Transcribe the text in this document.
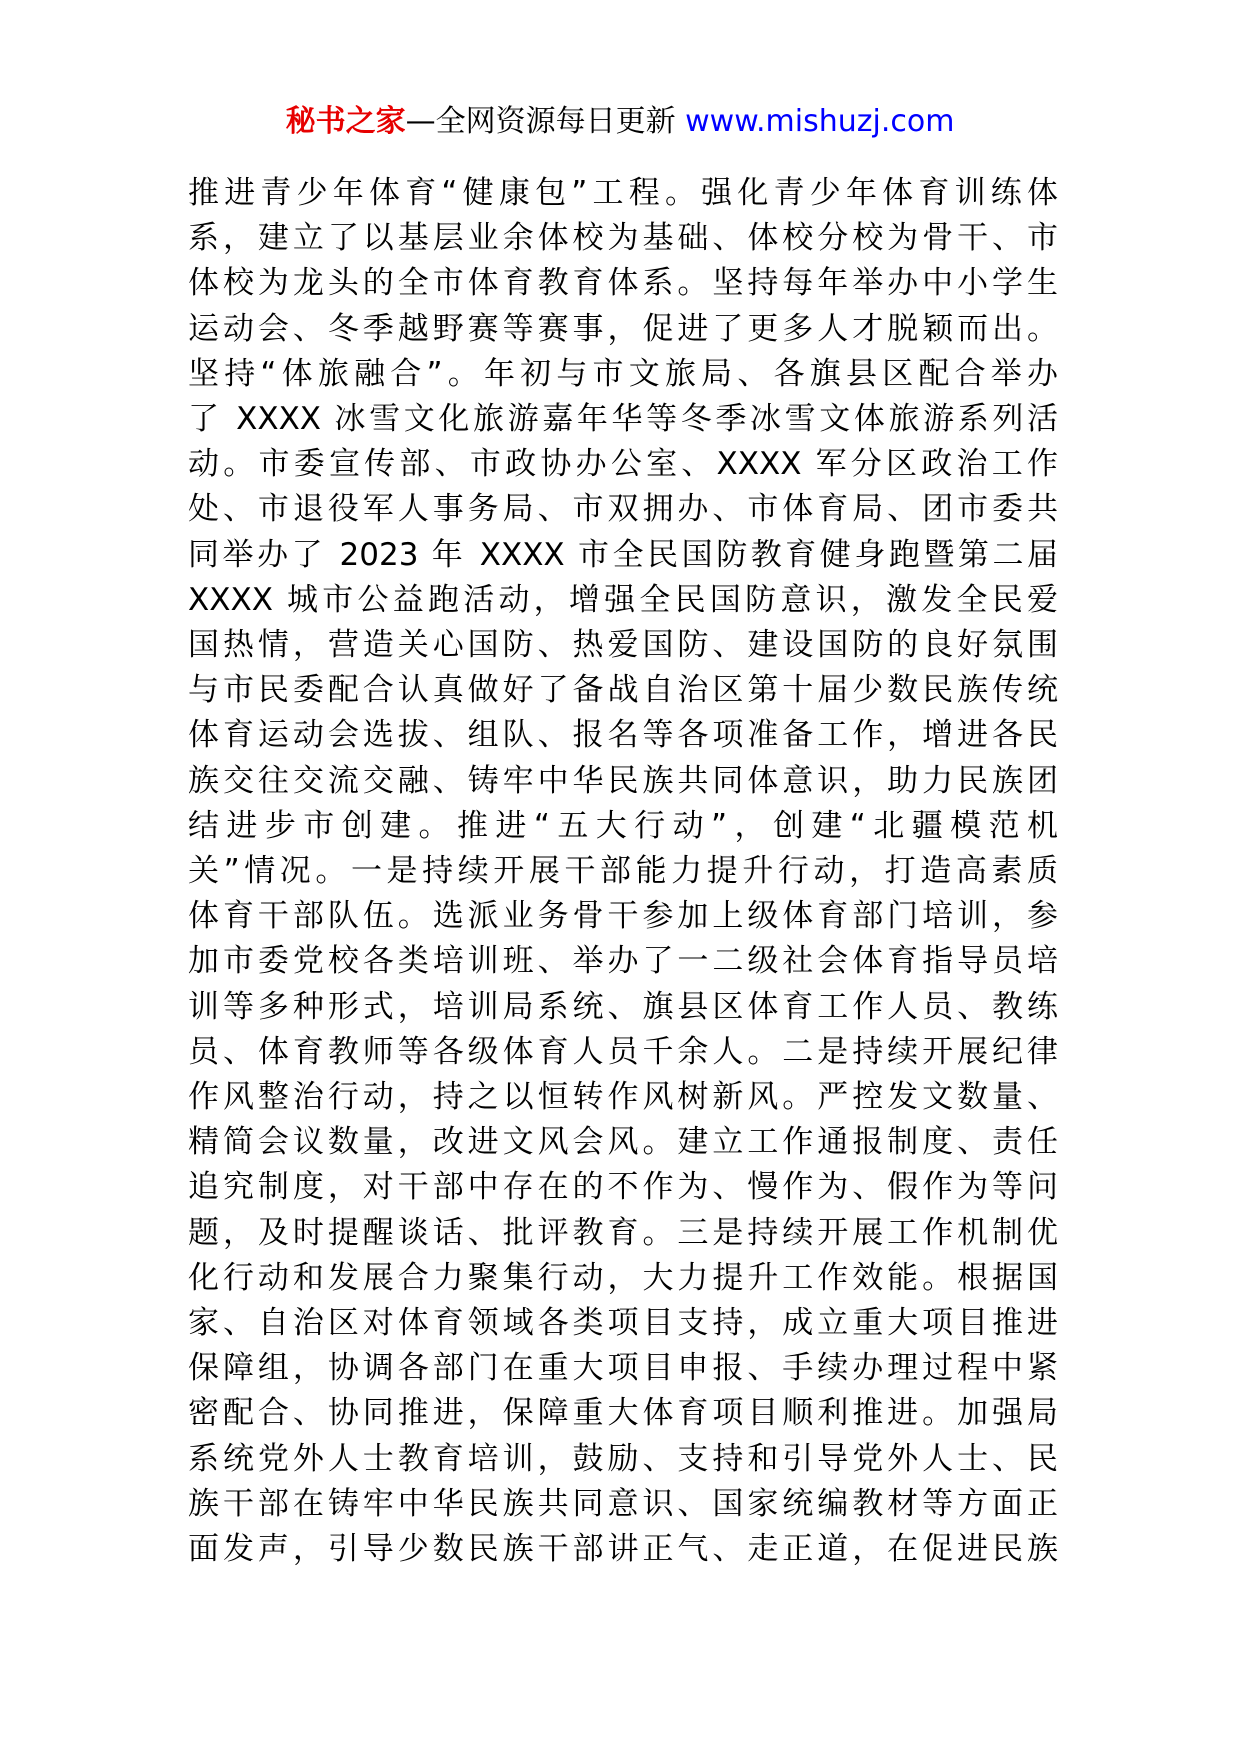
秘书之家—全网资源每日更新 www.mishuzj.com
推进青少年体育“健康包”工程。强化青少年体育训练体
系，建立了以基层业余体校为基础、体校分校为骨干、市
体校为龙头的全市体育教育体系。坚持每年举办中小学生
运动会、冬季越野赛等赛事，促进了更多人才脱颖而出。
坚持“体旅融合”。年初与市文旅局、各旗县区配合举办
了 XXXX 冰雪文化旅游嘉年华等冬季冰雪文体旅游系列活
动。市委宣传部、市政协办公室、XXXX 军分区政治工作
处、市退役军人事务局、市双拥办、市体育局、团市委共
同举办了 2023 年 XXXX 市全民国防教育健身跑暨第二届
XXXX 城市公益跑活动，增强全民国防意识，激发全民爱
国热情，营造关心国防、热爱国防、建设国防的良好氛围
与市民委配合认真做好了备战自治区第十届少数民族传统
体育运动会选拔、组队、报名等各项准备工作，增进各民
族交往交流交融、铸牢中华民族共同体意识，助力民族团
结进步市创建。推进“五大行动”，创建“北疆模范机
关”情况。一是持续开展干部能力提升行动，打造高素质
体育干部队伍。选派业务骨干参加上级体育部门培训，参
加市委党校各类培训班、举办了一二级社会体育指导员培
训等多种形式，培训局系统、旗县区体育工作人员、教练
员、体育教师等各级体育人员千余人。二是持续开展纪律
作风整治行动，持之以恒转作风树新风。严控发文数量、
精简会议数量，改进文风会风。建立工作通报制度、责任
追究制度，对干部中存在的不作为、慢作为、假作为等问
题，及时提醒谈话、批评教育。三是持续开展工作机制优
化行动和发展合力聚集行动，大力提升工作效能。根据国
家、自治区对体育领域各类项目支持，成立重大项目推进
保障组，协调各部门在重大项目申报、手续办理过程中紧
密配合、协同推进，保障重大体育项目顺利推进。加强局
系统党外人士教育培训，鼓励、支持和引导党外人士、民
族干部在铸牢中华民族共同意识、国家统编教材等方面正
面发声，引导少数民族干部讲正气、走正道，在促进民族
